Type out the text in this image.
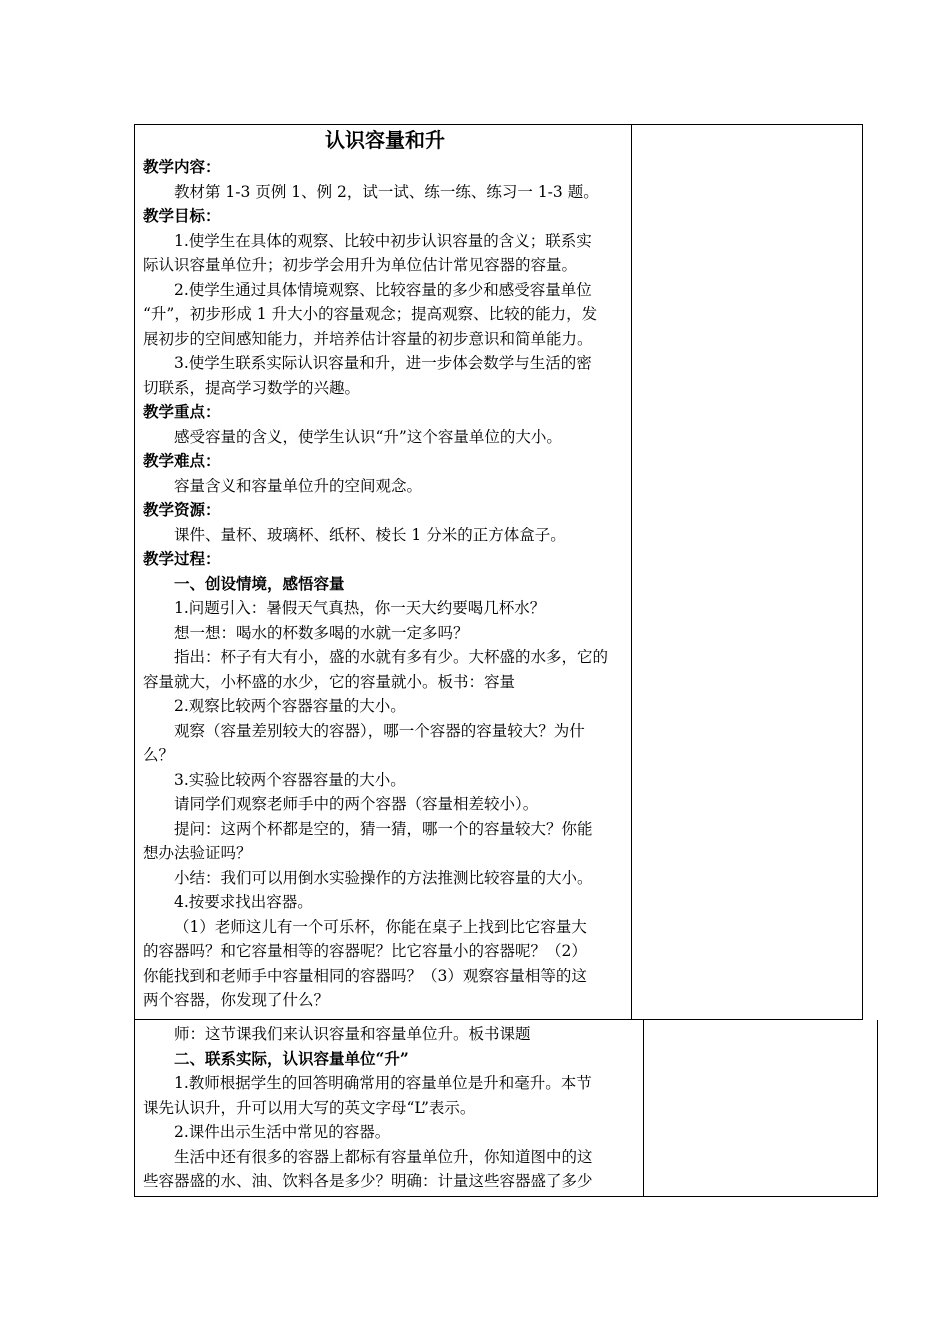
认识容量和升
教学内容：
教材第 1-3 页例 1、例 2，试一试、练一练、练习一 1-3 题。
教学目标：
1.使学生在具体的观察、比较中初步认识容量的含义；联系实
际认识容量单位升；初步学会用升为单位估计常见容器的容量。
2.使学生通过具体情境观察、比较容量的多少和感受容量单位
“升”，初步形成 1 升大小的容量观念；提高观察、比较的能力，发
展初步的空间感知能力，并培养估计容量的初步意识和简单能力。
3.使学生联系实际认识容量和升，进一步体会数学与生活的密
切联系，提高学习数学的兴趣。
教学重点：
感受容量的含义，使学生认识“升”这个容量单位的大小。
教学难点：
容量含义和容量单位升的空间观念。
教学资源：
课件、量杯、玻璃杯、纸杯、棱长 1 分米的正方体盒子。
教学过程：
一、创设情境，感悟容量
1.问题引入：暑假天气真热，你一天大约要喝几杯水？
想一想：喝水的杯数多喝的水就一定多吗？
指出：杯子有大有小，盛的水就有多有少。大杯盛的水多，它的
容量就大，小杯盛的水少，它的容量就小。板书：容量
2.观察比较两个容器容量的大小。
观察（容量差别较大的容器），哪一个容器的容量较大？为什
么？
3.实验比较两个容器容量的大小。
请同学们观察老师手中的两个容器（容量相差较小）。
提问：这两个杯都是空的，猜一猜，哪一个的容量较大？你能
想办法验证吗？
小结：我们可以用倒水实验操作的方法推测比较容量的大小。
4.按要求找出容器。
（1）老师这儿有一个可乐杯，你能在桌子上找到比它容量大
的容器吗？和它容量相等的容器呢？比它容量小的容器呢？（2）
你能找到和老师手中容量相同的容器吗？（3）观察容量相等的这
两个容器，你发现了什么？
师：这节课我们来认识容量和容量单位升。板书课题
二、联系实际，认识容量单位“升”
1.教师根据学生的回答明确常用的容量单位是升和毫升。本节
课先认识升，升可以用大写的英文字母“L”表示。
2.课件出示生活中常见的容器。
生活中还有很多的容器上都标有容量单位升，你知道图中的这
些容器盛的水、油、饮料各是多少？明确：计量这些容器盛了多少
